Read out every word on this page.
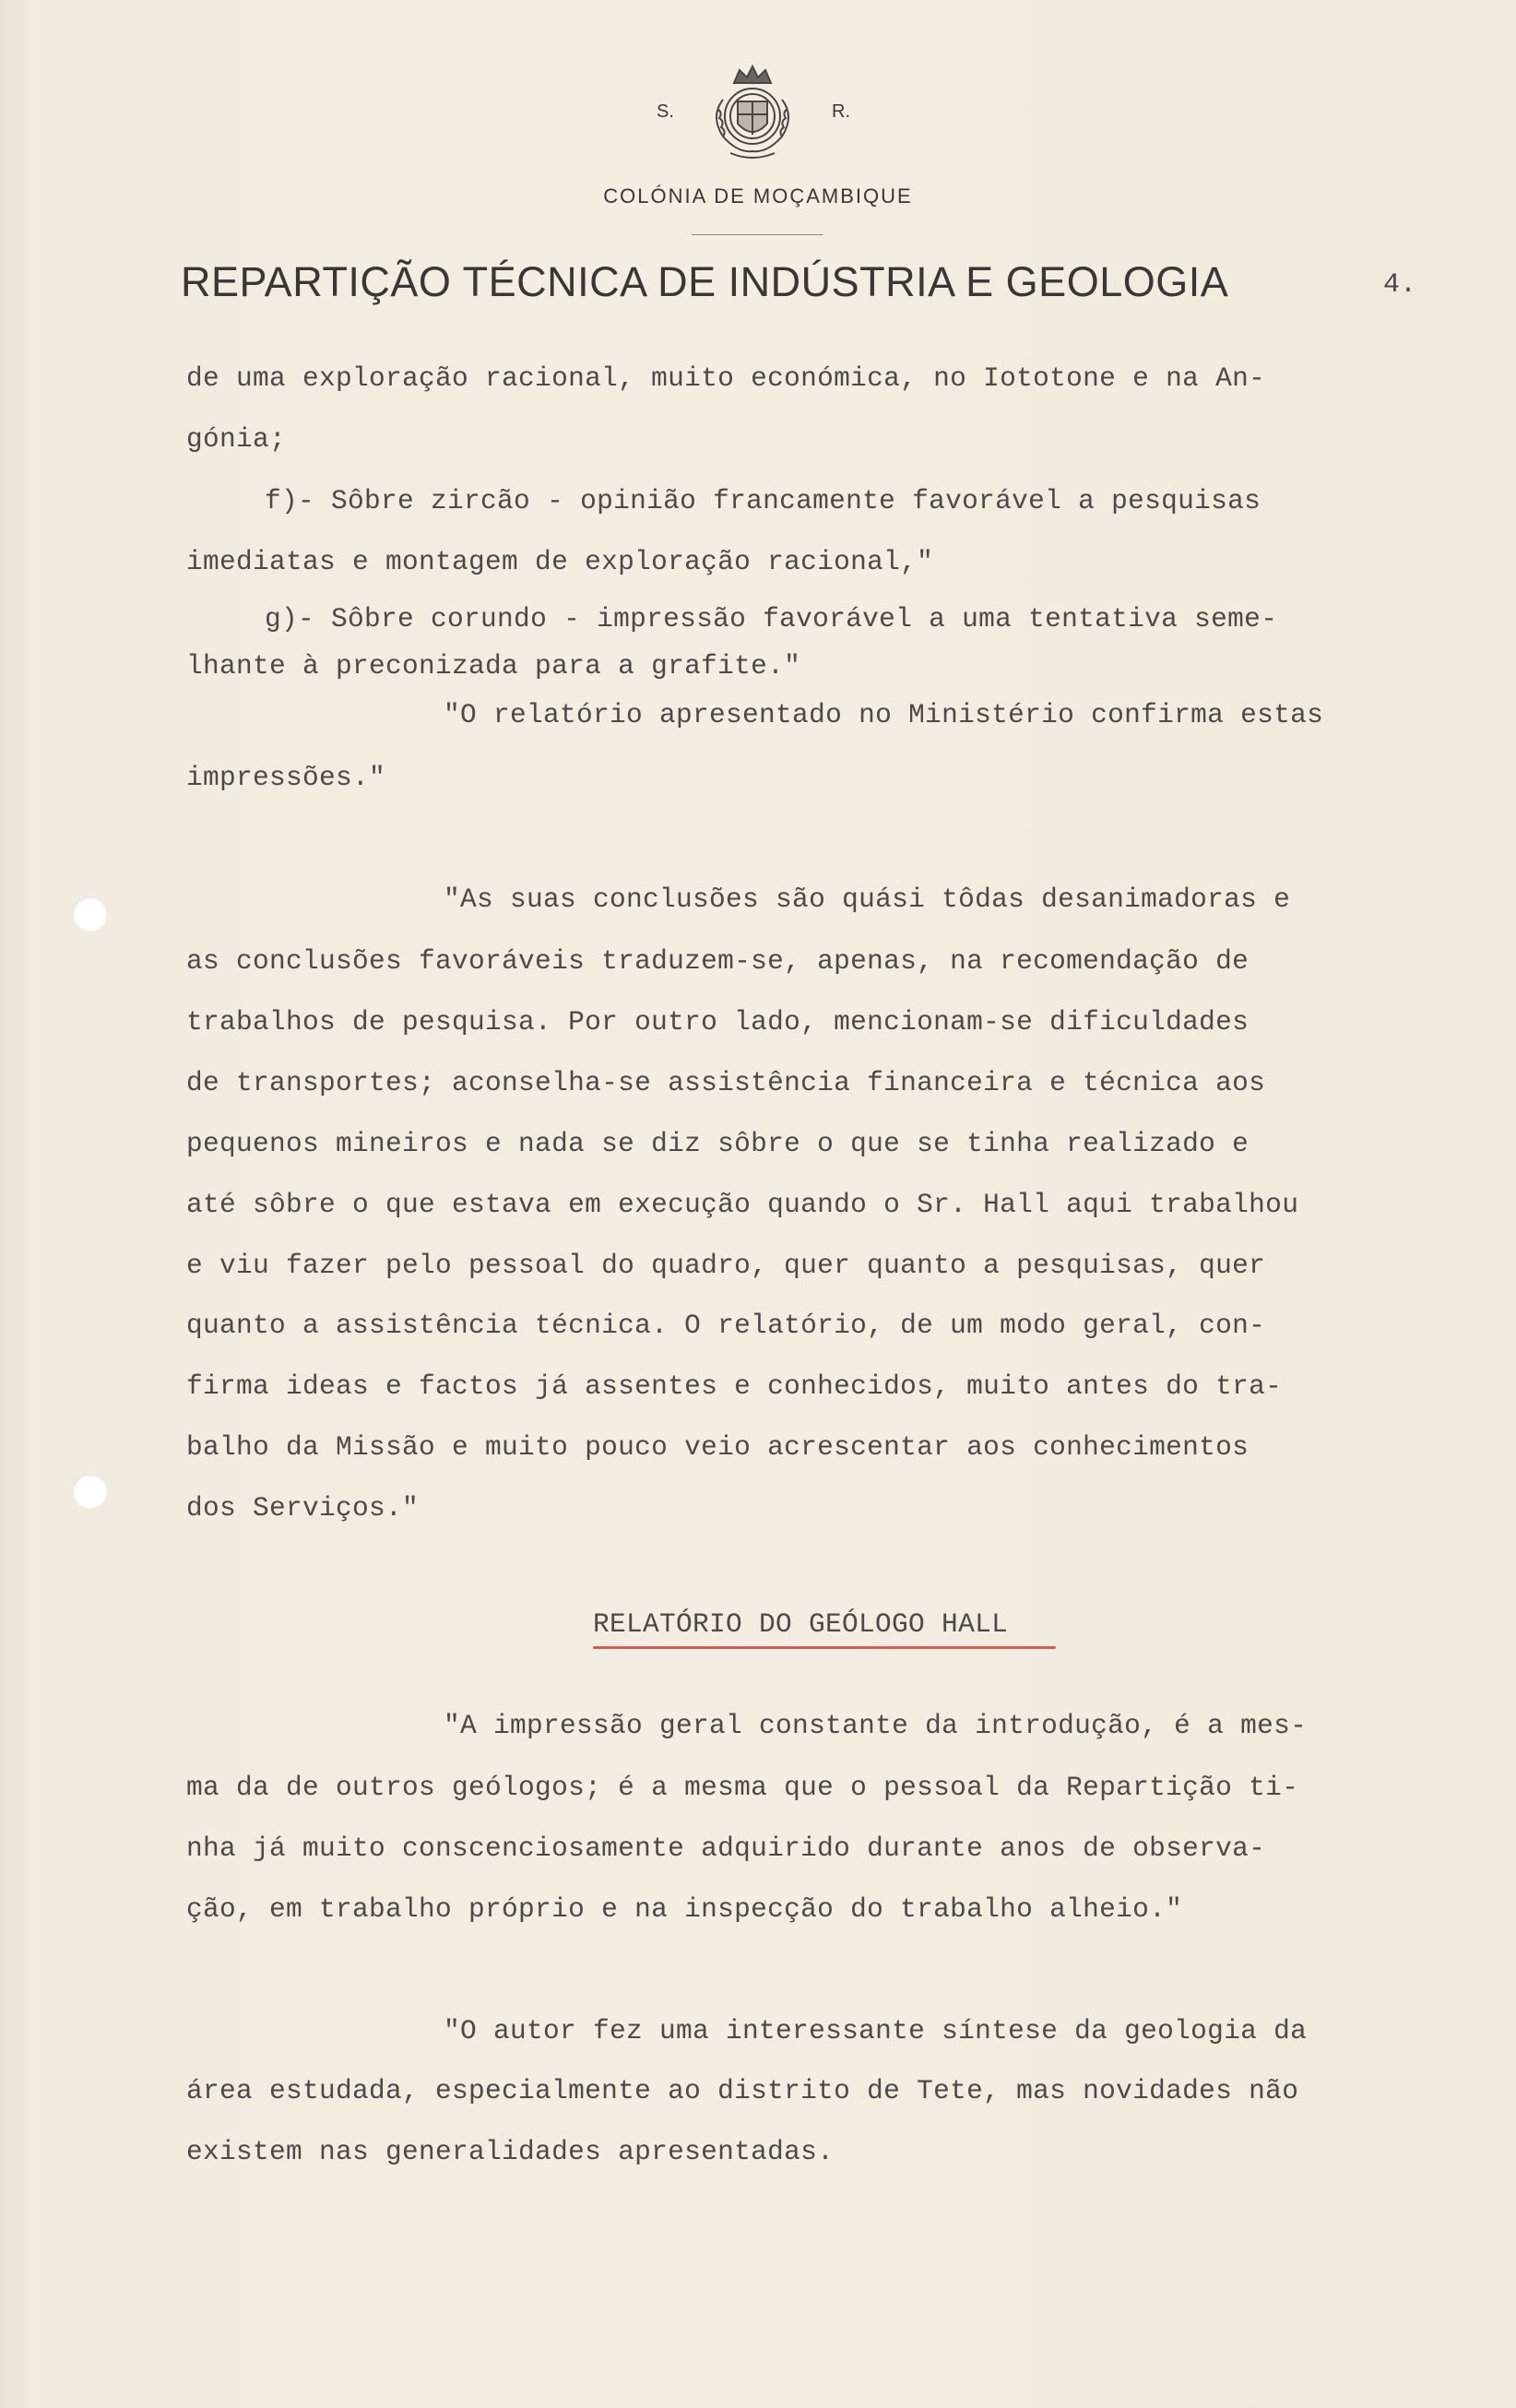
S.	R.
COLÓNIA DE MOÇAMBIQUE
REPARTIÇÃO TÉCNICA DE INDÚSTRIA E GEOLOGIA	4.
de uma exploração racional, muito económica, no Iototone e na An-
gónia;
f)- Sôbre zircão - opinião francamente favorável a pesquisas
imediatas e montagem de exploração racional,"
g)- Sôbre corundo - impressão favorável a uma tentativa seme-
lhante à preconizada para a grafite."
"O relatório apresentado no Ministério confirma estas
impressões."
"As suas conclusões são quási tôdas desanimadoras e
as conclusões favoráveis traduzem-se, apenas, na recomendação de
trabalhos de pesquisa. Por outro lado, mencionam-se dificuldades
de transportes; aconselha-se assistência financeira e técnica aos
pequenos mineiros e nada se diz sôbre o que se tinha realizado e
até sôbre o que estava em execução quando o Sr. Hall aqui trabalhou
e viu fazer pelo pessoal do quadro, quer quanto a pesquisas, quer
quanto a assistência técnica. O relatório, de um modo geral, con-
firma ideas e factos já assentes e conhecidos, muito antes do tra-
balho da Missão e muito pouco veio acrescentar aos conhecimentos
dos Serviços."
RELATÓRIO DO GEÓLOGO HALL
"A impressão geral constante da introdução, é a mes-
ma da de outros geólogos; é a mesma que o pessoal da Repartição ti-
nha já muito conscenciosamente adquirido durante anos de observa-
ção, em trabalho próprio e na inspecção do trabalho alheio."
"O autor fez uma interessante síntese da geologia da
área estudada, especialmente ao distrito de Tete, mas novidades não
existem nas generalidades apresentadas.
